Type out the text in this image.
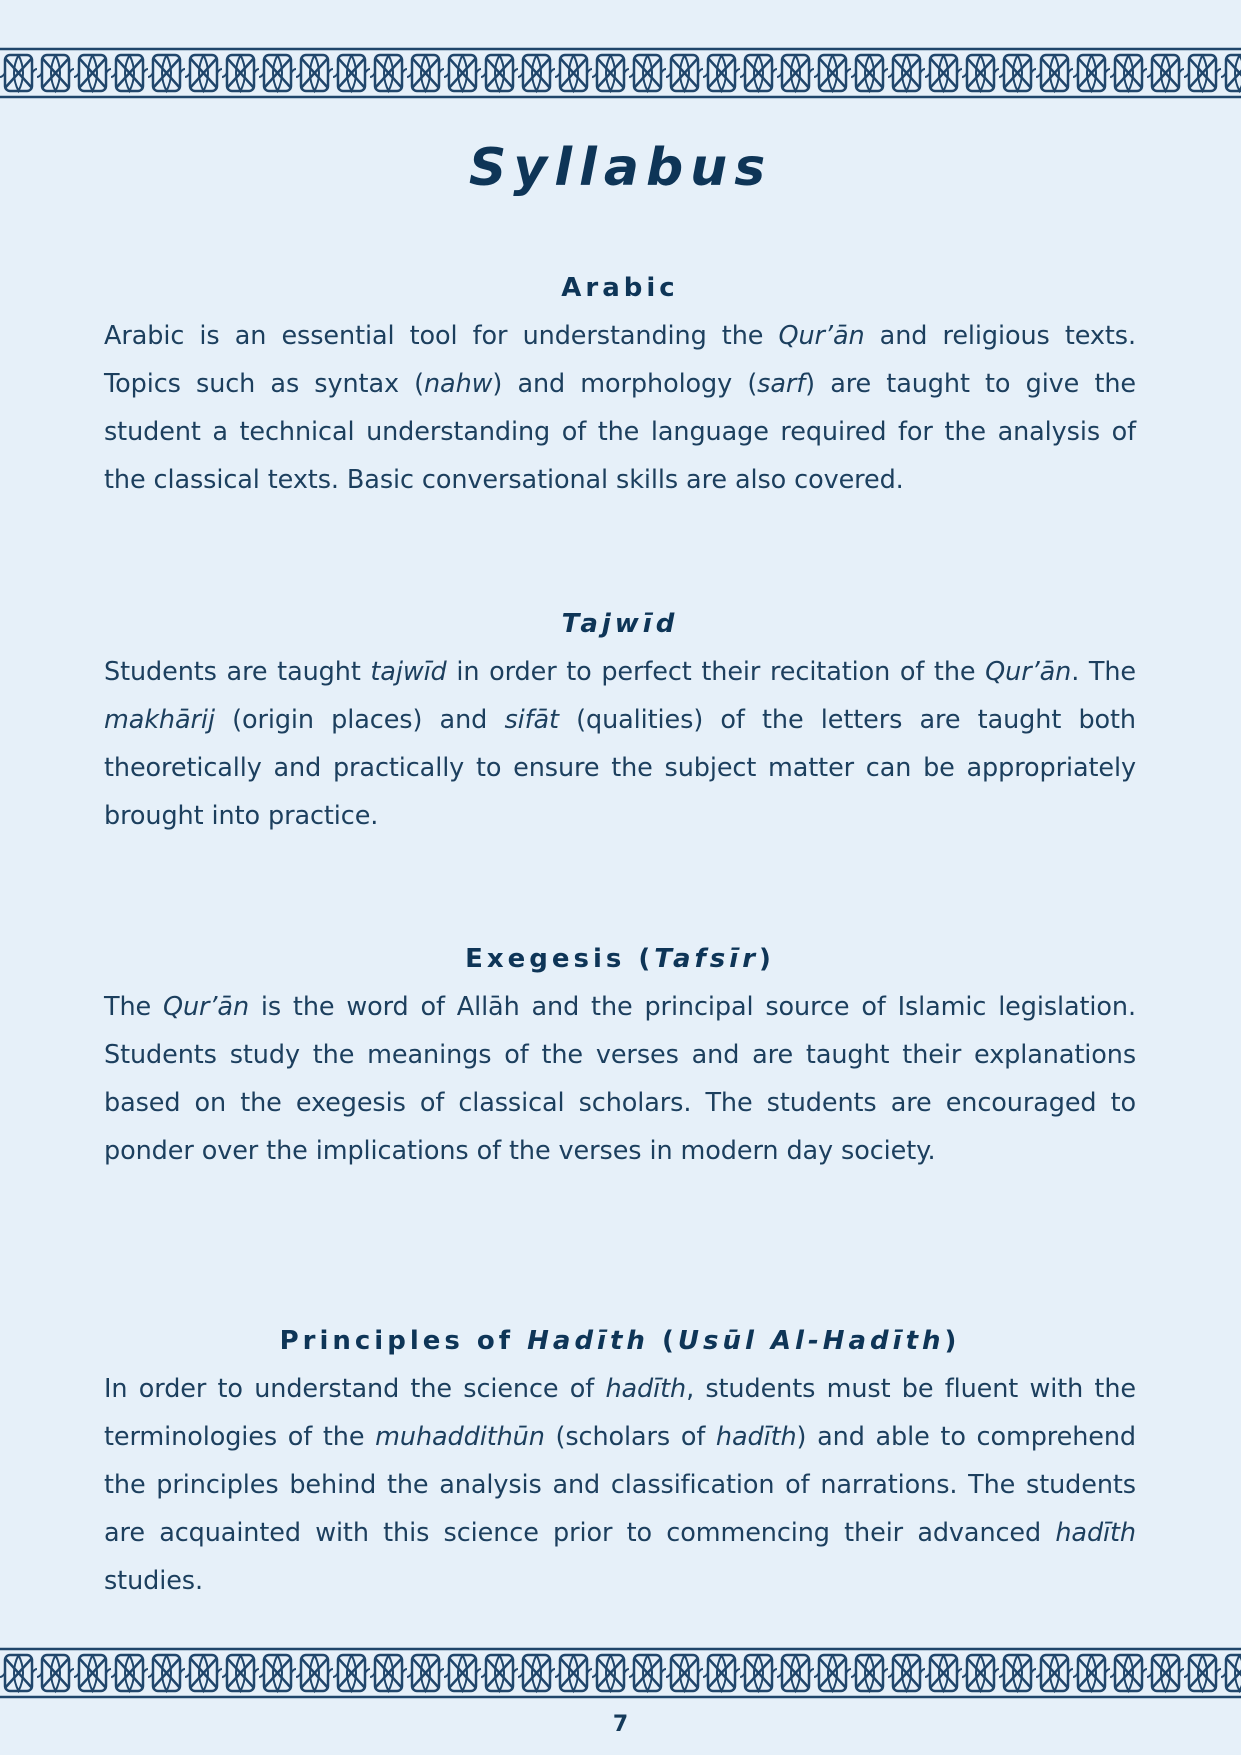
Syllabus
Arabic

Arabic is an essential tool for understanding the Qur’ān and religious texts. Topics such as syntax (nahw) and morphology (sarf) are taught to give the student a technical understanding of the language required for the analysis of the classical texts. Basic conversational skills are also covered.

Tajwīd

Students are taught tajwīd in order to perfect their recitation of the Qur’ān. The makhārij (origin places) and sifāt (qualities) of the letters are taught both theoretically and practically to ensure the subject matter can be appropriately brought into practice.

Exegesis (Tafsīr)

The Qur’ān is the word of Allāh and the principal source of Islamic legislation. Students study the meanings of the verses and are taught their explanations based on the exegesis of classical scholars. The students are encouraged to ponder over the implications of the verses in modern day society.

Principles of Hadīth (Usūl Al-Hadīth)

In order to understand the science of hadīth, students must be fluent with the terminologies of the muhaddithūn (scholars of hadīth) and able to comprehend the principles behind the analysis and classification of narrations. The students are acquainted with this science prior to commencing their advanced hadīth studies.

7
